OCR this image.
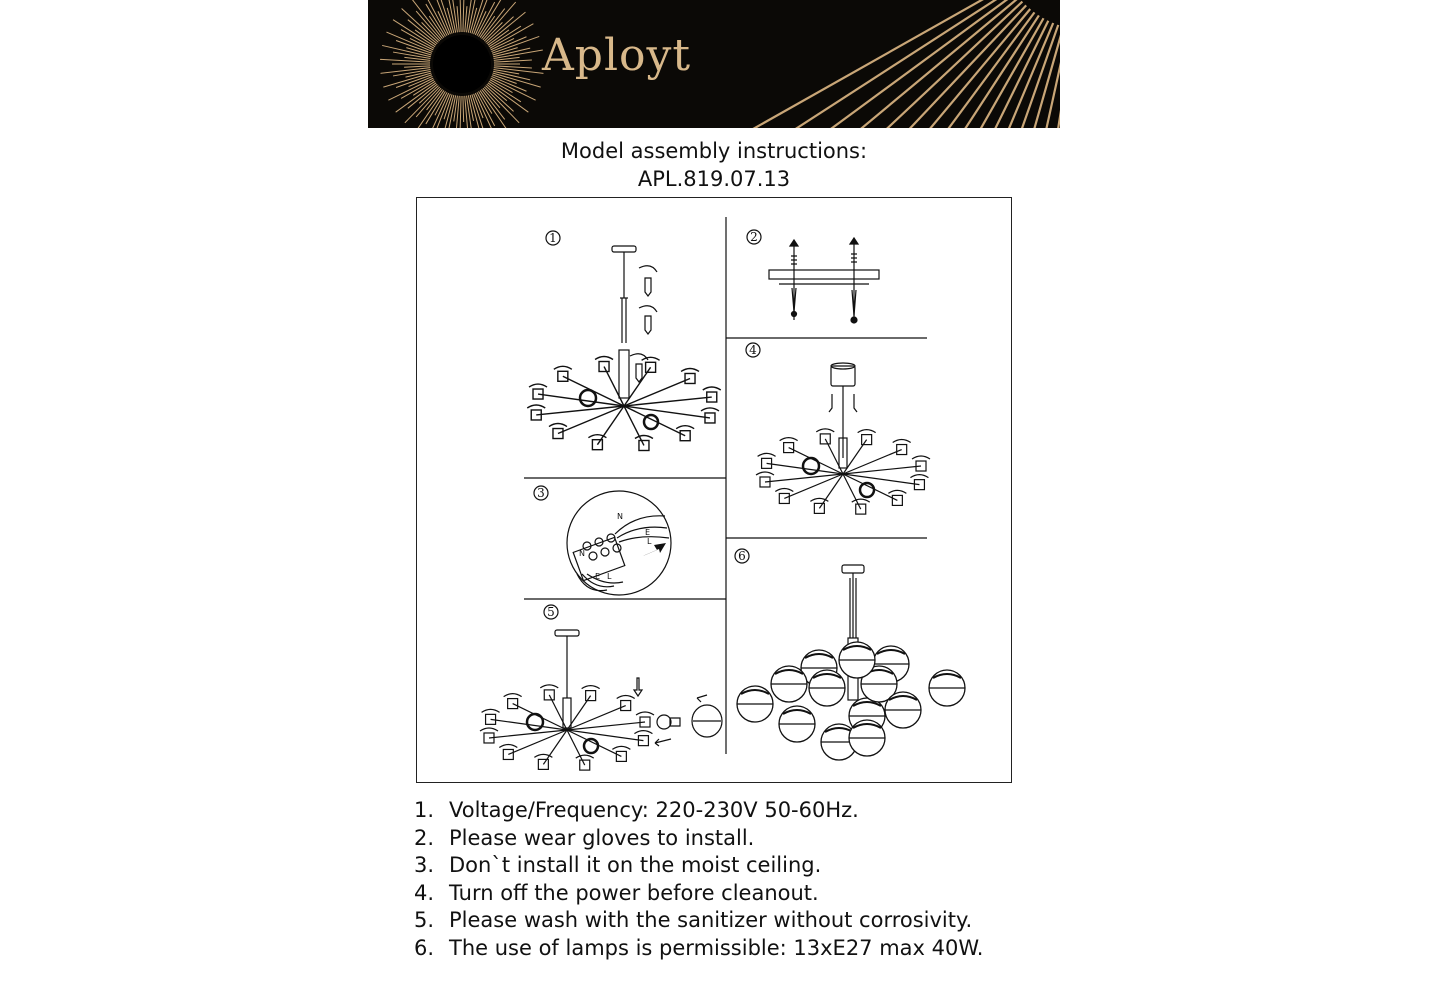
Aployt
Model assembly instructions:
APL.819.07.13
1	2
3
4
5
6
N
E
L
N
E L
1. Voltage/Frequency: 220-230V 50-60Hz.
2. Please wear gloves to install.
3. Don`t install it on the moist ceiling.
4. Turn off the power before cleanout.
5. Please wash with the sanitizer without corrosivity.
6. The use of lamps is permissible: 13xE27 max 40W.
